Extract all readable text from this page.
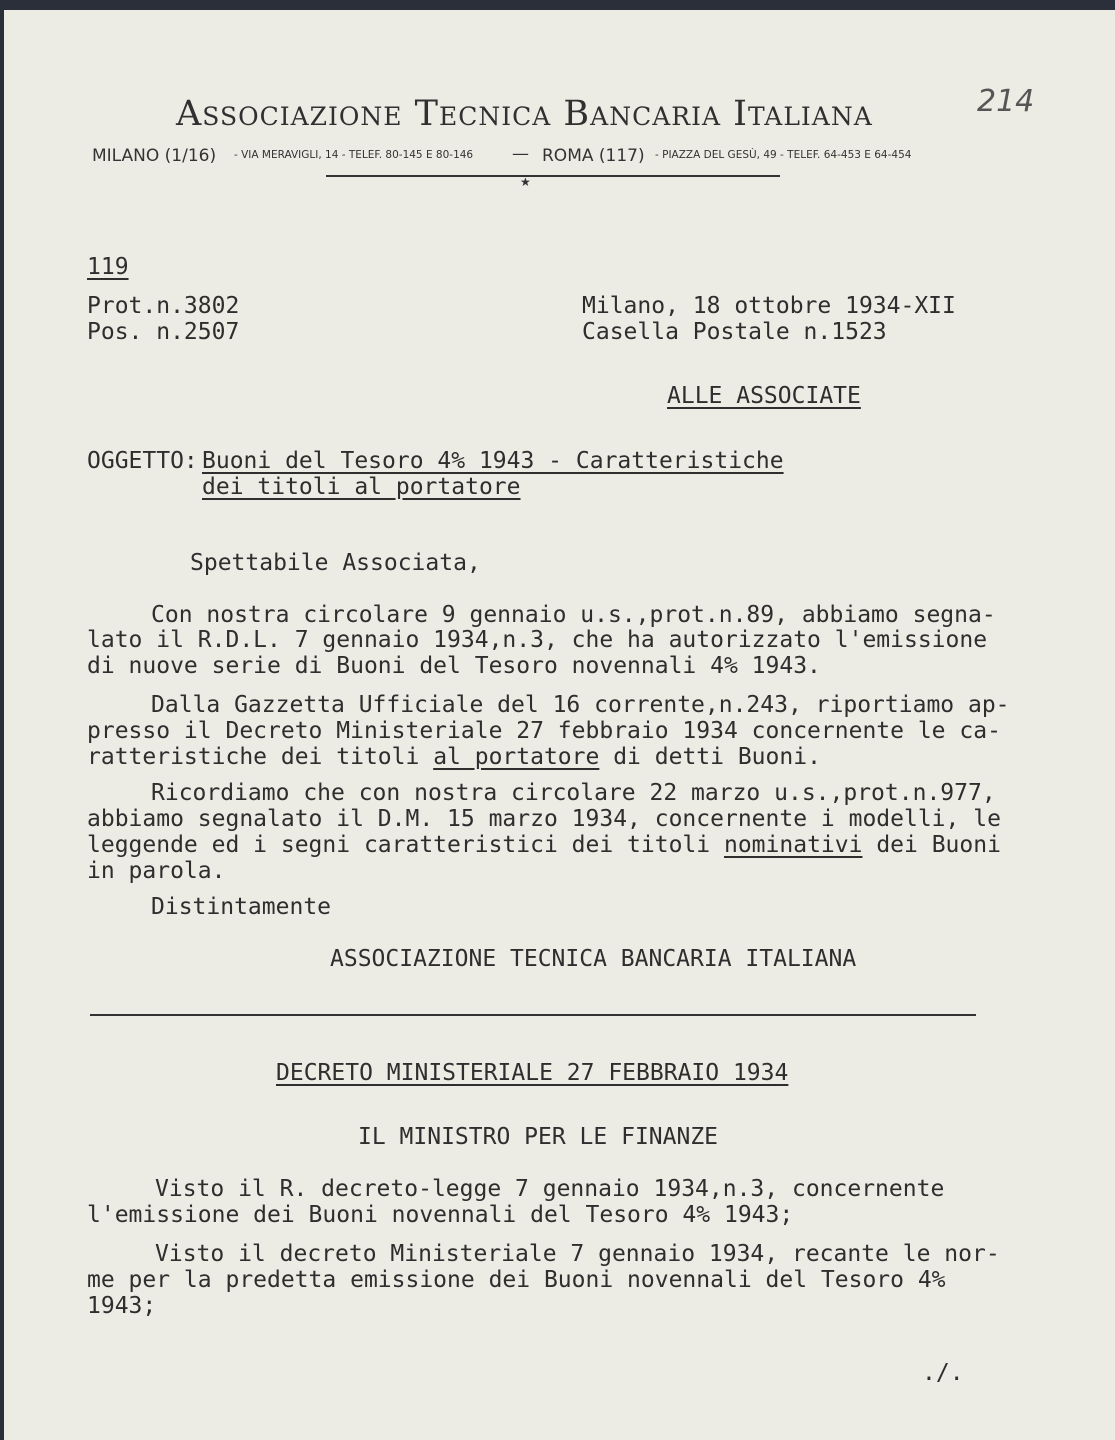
Associazione Tecnica Bancaria Italiana
MILANO (1/16) - VIA MERAVIGLI, 14 - TELEF. 80-145 E 80-146 — ROMA (117) - PIAZZA DEL GESÙ, 49 - TELEF. 64-453 E 64-454
★
214
119
Prot.n.3802
Pos. n.2507
Milano, 18 ottobre 1934-XII
Casella Postale n.1523
ALLE ASSOCIATE
OGGETTO: Buoni del Tesoro 4% 1943 - Caratteristiche
dei titoli al portatore
Spettabile Associata,
Con nostra circolare 9 gennaio u.s.,prot.n.89, abbiamo segna-
lato il R.D.L. 7 gennaio 1934,n.3, che ha autorizzato l'emissione
di nuove serie di Buoni del Tesoro novennali 4% 1943.
Dalla Gazzetta Ufficiale del 16 corrente,n.243, riportiamo ap-
presso il Decreto Ministeriale 27 febbraio 1934 concernente le ca-
ratteristiche dei titoli al portatore di detti Buoni.
Ricordiamo che con nostra circolare 22 marzo u.s.,prot.n.977,
abbiamo segnalato il D.M. 15 marzo 1934, concernente i modelli, le
leggende ed i segni caratteristici dei titoli nominativi dei Buoni
in parola.
Distintamente
ASSOCIAZIONE TECNICA BANCARIA ITALIANA
DECRETO MINISTERIALE 27 FEBBRAIO 1934
IL MINISTRO PER LE FINANZE
Visto il R. decreto-legge 7 gennaio 1934,n.3, concernente
l'emissione dei Buoni novennali del Tesoro 4% 1943;
Visto il decreto Ministeriale 7 gennaio 1934, recante le nor-
me per la predetta emissione dei Buoni novennali del Tesoro 4%
1943;
./.
